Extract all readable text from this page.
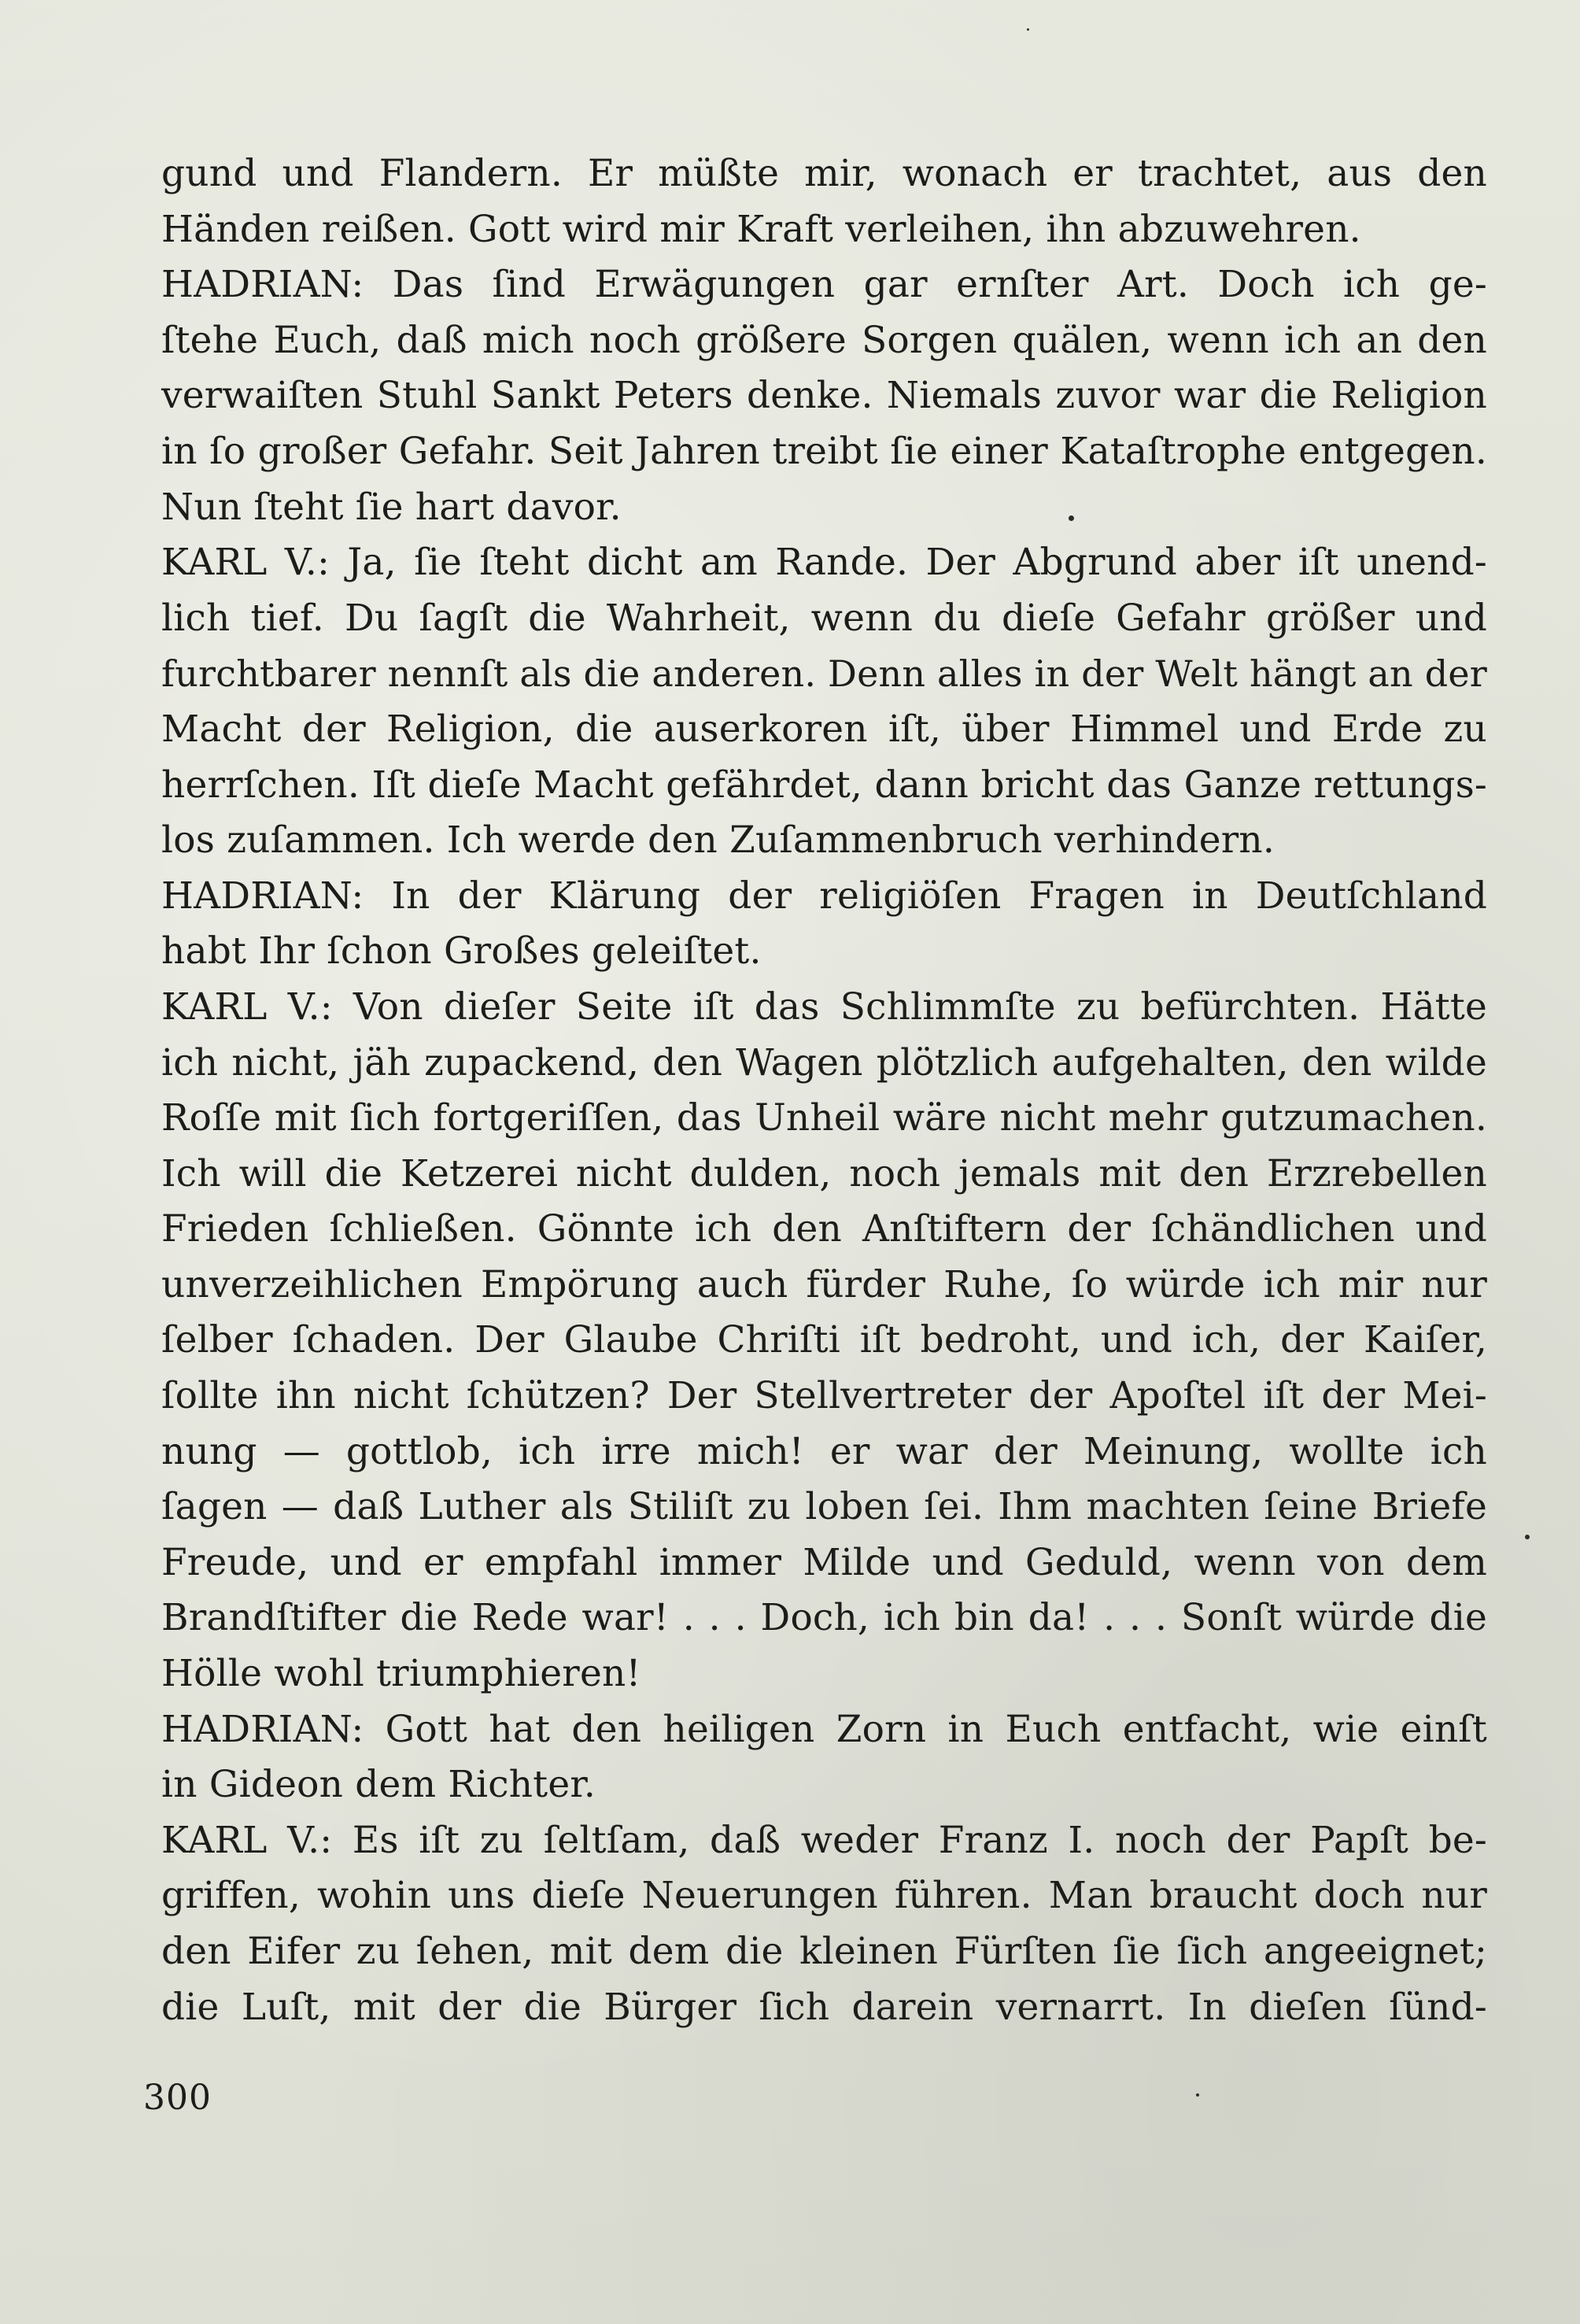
gund und Flandern. Er müßte mir, wonach er trachtet, aus den
Händen reißen. Gott wird mir Kraft verleihen, ihn abzuwehren.
HADRIAN: Das ſind Erwägungen gar ernſter Art. Doch ich ge-
ſtehe Euch, daß mich noch größere Sorgen quälen, wenn ich an den
verwaiſten Stuhl Sankt Peters denke. Niemals zuvor war die Religion
in ſo großer Gefahr. Seit Jahren treibt ſie einer Kataſtrophe entgegen.
Nun ſteht ſie hart davor.
KARL V.: Ja, ſie ſteht dicht am Rande. Der Abgrund aber iſt unend-
lich tief. Du ſagſt die Wahrheit, wenn du dieſe Gefahr größer und
furchtbarer nennſt als die anderen. Denn alles in der Welt hängt an der
Macht der Religion, die auserkoren iſt, über Himmel und Erde zu
herrſchen. Iſt dieſe Macht gefährdet, dann bricht das Ganze rettungs-
los zuſammen. Ich werde den Zuſammenbruch verhindern.
HADRIAN: In der Klärung der religiöſen Fragen in Deutſchland
habt Ihr ſchon Großes geleiſtet.
KARL V.: Von dieſer Seite iſt das Schlimmſte zu befürchten. Hätte
ich nicht, jäh zupackend, den Wagen plötzlich aufgehalten, den wilde
Roſſe mit ſich fortgeriſſen, das Unheil wäre nicht mehr gutzumachen.
Ich will die Ketzerei nicht dulden, noch jemals mit den Erzrebellen
Frieden ſchließen. Gönnte ich den Anſtiftern der ſchändlichen und
unverzeihlichen Empörung auch fürder Ruhe, ſo würde ich mir nur
ſelber ſchaden. Der Glaube Chriſti iſt bedroht, und ich, der Kaiſer,
ſollte ihn nicht ſchützen? Der Stellvertreter der Apoſtel iſt der Mei-
nung — gottlob, ich irre mich! er war der Meinung, wollte ich
ſagen — daß Luther als Stiliſt zu loben ſei. Ihm machten ſeine Briefe
Freude, und er empfahl immer Milde und Geduld, wenn von dem
Brandſtifter die Rede war! . . . Doch, ich bin da! . . . Sonſt würde die
Hölle wohl triumphieren!
HADRIAN: Gott hat den heiligen Zorn in Euch entfacht, wie einſt
in Gideon dem Richter.
KARL V.: Es iſt zu ſeltſam, daß weder Franz I. noch der Papſt be-
griffen, wohin uns dieſe Neuerungen führen. Man braucht doch nur
den Eifer zu ſehen, mit dem die kleinen Fürſten ſie ſich angeeignet;
die Luſt, mit der die Bürger ſich darein vernarrt. In dieſen ſünd-
300
